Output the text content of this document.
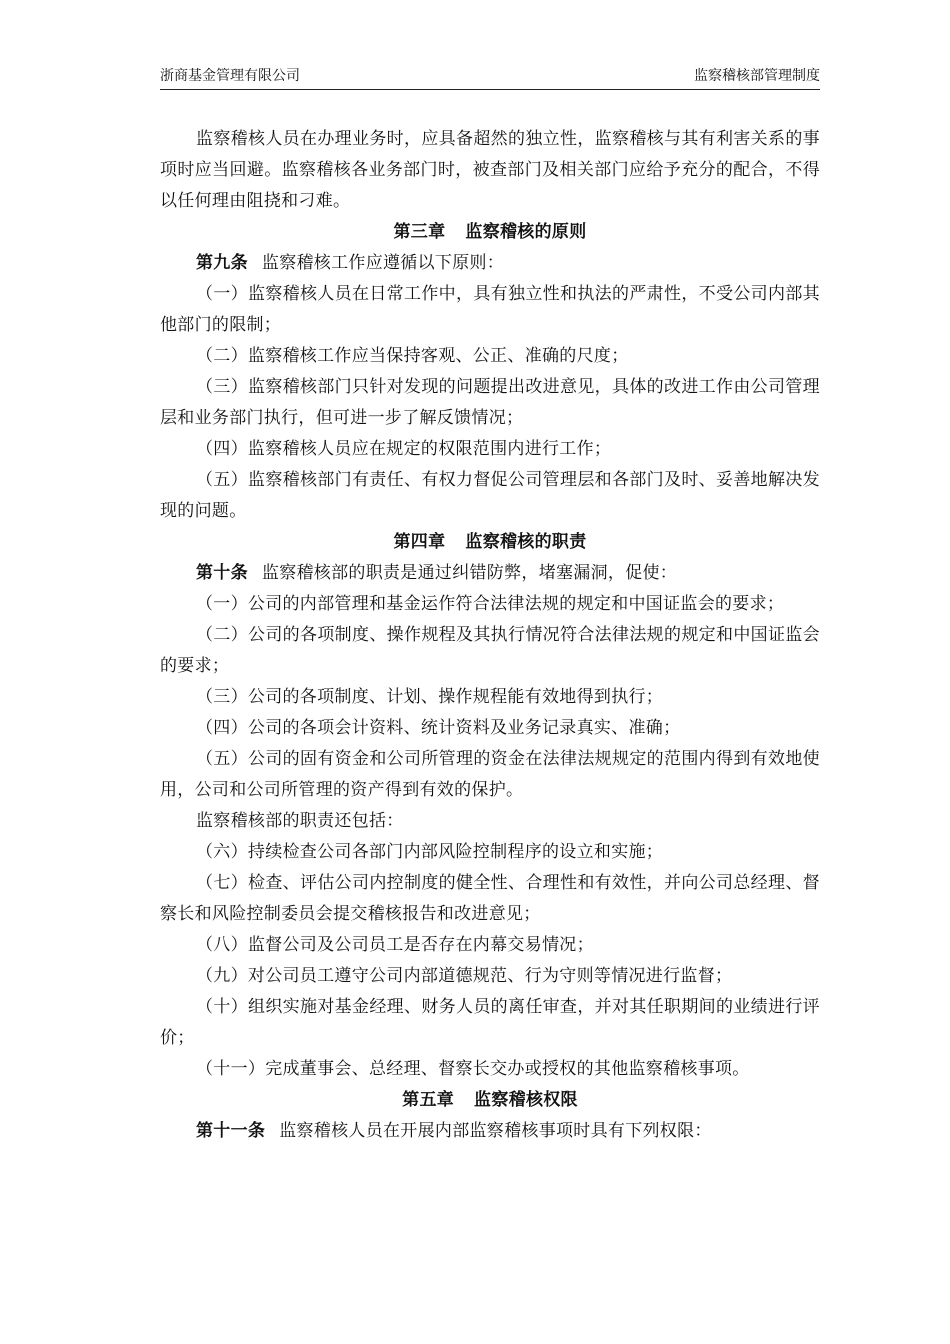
浙商基金管理有限公司	监察稽核部管理制度

监察稽核人员在办理业务时，应具备超然的独立性，监察稽核与其有利害关系的事项时应当回避。监察稽核各业务部门时，被查部门及相关部门应给予充分的配合，不得以任何理由阻挠和刁难。

第三章 监察稽核的原则

第九条 监察稽核工作应遵循以下原则：

（一）监察稽核人员在日常工作中，具有独立性和执法的严肃性，不受公司内部其他部门的限制；

（二）监察稽核工作应当保持客观、公正、准确的尺度；

（三）监察稽核部门只针对发现的问题提出改进意见，具体的改进工作由公司管理层和业务部门执行，但可进一步了解反馈情况；

（四）监察稽核人员应在规定的权限范围内进行工作；

（五）监察稽核部门有责任、有权力督促公司管理层和各部门及时、妥善地解决发现的问题。

第四章 监察稽核的职责

第十条 监察稽核部的职责是通过纠错防弊，堵塞漏洞，促使：

（一）公司的内部管理和基金运作符合法律法规的规定和中国证监会的要求；

（二）公司的各项制度、操作规程及其执行情况符合法律法规的规定和中国证监会的要求；

（三）公司的各项制度、计划、操作规程能有效地得到执行；

（四）公司的各项会计资料、统计资料及业务记录真实、准确；

（五）公司的固有资金和公司所管理的资金在法律法规规定的范围内得到有效地使用，公司和公司所管理的资产得到有效的保护。

监察稽核部的职责还包括：

（六）持续检查公司各部门内部风险控制程序的设立和实施；

（七）检查、评估公司内控制度的健全性、合理性和有效性，并向公司总经理、督察长和风险控制委员会提交稽核报告和改进意见；

（八）监督公司及公司员工是否存在内幕交易情况；

（九）对公司员工遵守公司内部道德规范、行为守则等情况进行监督；

（十）组织实施对基金经理、财务人员的离任审查，并对其任职期间的业绩进行评价；

（十一）完成董事会、总经理、督察长交办或授权的其他监察稽核事项。

第五章 监察稽核权限

第十一条 监察稽核人员在开展内部监察稽核事项时具有下列权限：
